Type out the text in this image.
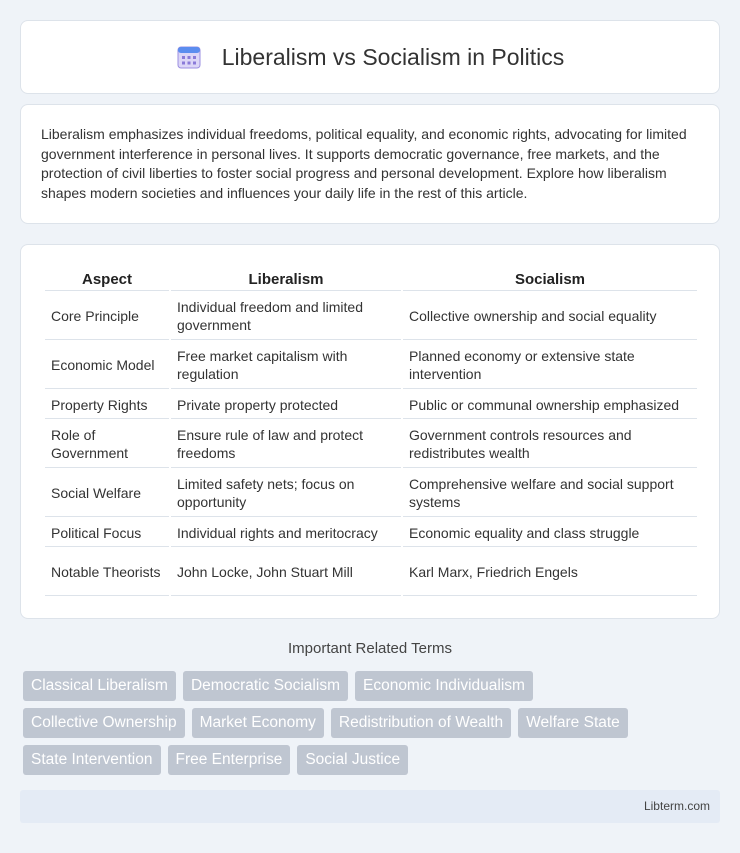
Liberalism vs Socialism in Politics

Liberalism emphasizes individual freedoms, political equality, and economic rights, advocating for limited government interference in personal lives. It supports democratic governance, free markets, and the protection of civil liberties to foster social progress and personal development. Explore how liberalism shapes modern societies and influences your daily life in the rest of this article.

Aspect	Liberalism	Socialism
Core Principle	Individual freedom and limited government	Collective ownership and social equality
Economic Model	Free market capitalism with regulation	Planned economy or extensive state intervention
Property Rights	Private property protected	Public or communal ownership emphasized
Role of Government	Ensure rule of law and protect freedoms	Government controls resources and redistributes wealth
Social Welfare	Limited safety nets; focus on opportunity	Comprehensive welfare and social support systems
Political Focus	Individual rights and meritocracy	Economic equality and class struggle
Notable Theorists	John Locke, John Stuart Mill	Karl Marx, Friedrich Engels
Important Related Terms
Classical Liberalism	Democratic Socialism	Economic Individualism
Collective Ownership	Market Economy	Redistribution of Wealth	Welfare State
State Intervention	Free Enterprise	Social Justice
Libterm.com
